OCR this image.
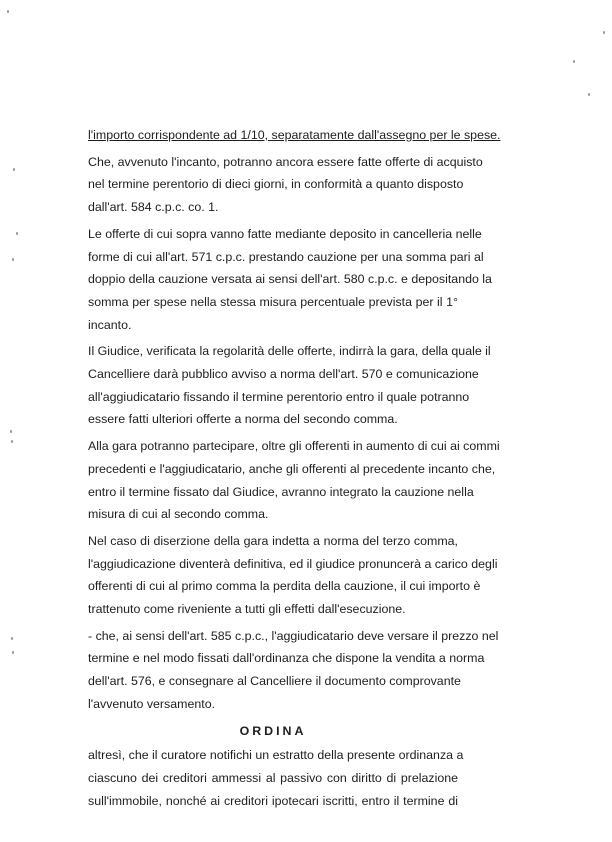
l'importo corrispondente ad 1/10, separatamente dall'assegno per le spese.

Che, avvenuto l'incanto, potranno ancora essere fatte offerte di acquisto

nel termine perentorio di dieci giorni, in conformità a quanto disposto

dall'art. 584 c.p.c. co. 1.

Le offerte di cui sopra vanno fatte mediante deposito in cancelleria nelle

forme di cui all'art. 571 c.p.c. prestando cauzione per una somma pari al

doppio della cauzione versata ai sensi dell'art. 580 c.p.c. e depositando la

somma per spese nella stessa misura percentuale prevista per il 1°

incanto.

Il Giudice, verificata la regolarità delle offerte, indirrà la gara, della quale il

Cancelliere darà pubblico avviso a norma dell'art. 570 e comunicazione

all'aggiudicatario fissando il termine perentorio entro il quale potranno

essere fatti ulteriori offerte a norma del secondo comma.

Alla gara potranno partecipare, oltre gli offerenti in aumento di cui ai commi

precedenti e l'aggiudicatario, anche gli offerenti al precedente incanto che,

entro il termine fissato dal Giudice, avranno integrato la cauzione nella

misura di cui al secondo comma.

Nel caso di diserzione della gara indetta a norma del terzo comma,

l'aggiudicazione diventerà definitiva, ed il giudice pronuncerà a carico degli

offerenti di cui al primo comma la perdita della cauzione, il cui importo è

trattenuto come riveniente a tutti gli effetti dall'esecuzione.

- che, ai sensi dell'art. 585 c.p.c., l'aggiudicatario deve versare il prezzo nel

termine e nel modo fissati dall'ordinanza che dispone la vendita a norma

dell'art. 576, e consegnare al Cancelliere il documento comprovante

l'avvenuto versamento.

ORDINA

altresì, che il curatore notifichi un estratto della presente ordinanza a

ciascuno dei creditori ammessi al passivo con diritto di prelazione

sull'immobile, nonché ai creditori ipotecari iscritti, entro il termine di
